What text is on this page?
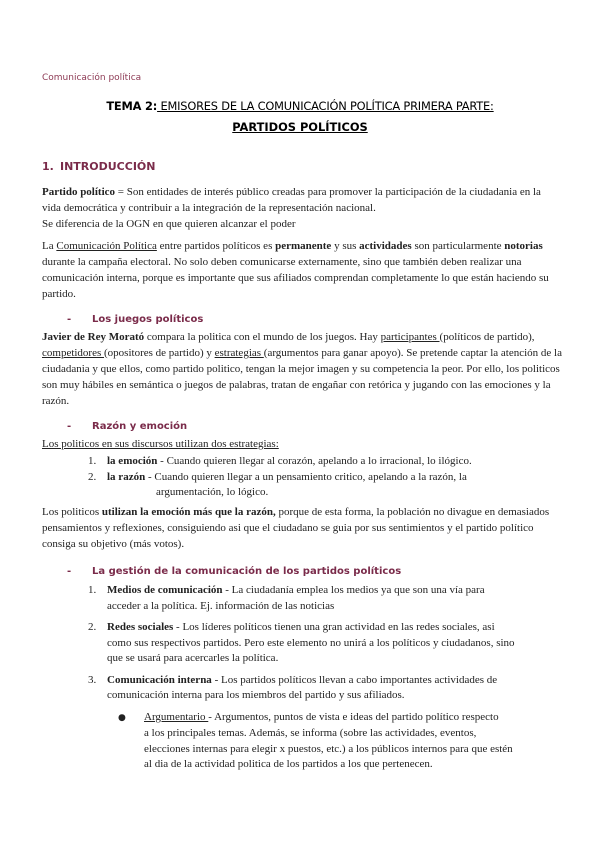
Comunicación política
TEMA 2: EMISORES DE LA COMUNICACIÓN POLÍTICA PRIMERA PARTE:
PARTIDOS POLÍTICOS
1. INTRODUCCIÓN
Partido político = Son entidades de interés público creadas para promover la participación de la ciudadania en la vida democrática y contribuir a la integración de la representación nacional.
Se diferencia de la OGN en que quieren alcanzar el poder
La Comunicación Política entre partidos políticos es permanente y sus actividades son particularmente notorias durante la campaña electoral. No solo deben comunicarse externamente, sino que también deben realizar una comunicación interna, porque es importante que sus afiliados comprendan completamente lo que están haciendo su partido.
- Los juegos políticos
Javier de Rey Morató compara la politica con el mundo de los juegos. Hay participantes (políticos de partido), competidores (opositores de partido) y estrategias (argumentos para ganar apoyo). Se pretende captar la atención de la ciudadania y que ellos, como partido politico, tengan la mejor imagen y su competencia la peor. Por ello, los politicos son muy hábiles en semántica o juegos de palabras, tratan de engañar con retórica y jugando con las emociones y la razón.
- Razón y emoción
Los politicos en sus discursos utilizan dos estrategias:
1. la emoción - Cuando quieren llegar al corazón, apelando a lo irracional, lo ilógico.
2. la razón - Cuando quieren llegar a un pensamiento critico, apelando a la razón, la
argumentación, lo lógico.
Los politicos utilizan la emoción más que la razón, porque de esta forma, la población no divague en demasiados pensamientos y reflexiones, consiguiendo asi que el ciudadano se guia por sus sentimientos y el partido político consiga su objetivo (más votos).
- La gestión de la comunicación de los partidos políticos
1. Medios de comunicación - La ciudadanía emplea los medios ya que son una vía para
acceder a la política. Ej. información de las noticias
2. Redes sociales - Los líderes políticos tienen una gran actividad en las redes sociales, asi
como sus respectivos partidos. Pero este elemento no unirá a los políticos y ciudadanos, sino
que se usará para acercarles la política.
3. Comunicación interna - Los partidos políticos llevan a cabo importantes actividades de
comunicación interna para los miembros del partido y sus afiliados.
● Argumentario - Argumentos, puntos de vista e ideas del partido político respecto
a los principales temas. Además, se informa (sobre las actividades, eventos,
elecciones internas para elegir x puestos, etc.) a los públicos internos para que estén
al dia de la actividad politica de los partidos a los que pertenecen.
